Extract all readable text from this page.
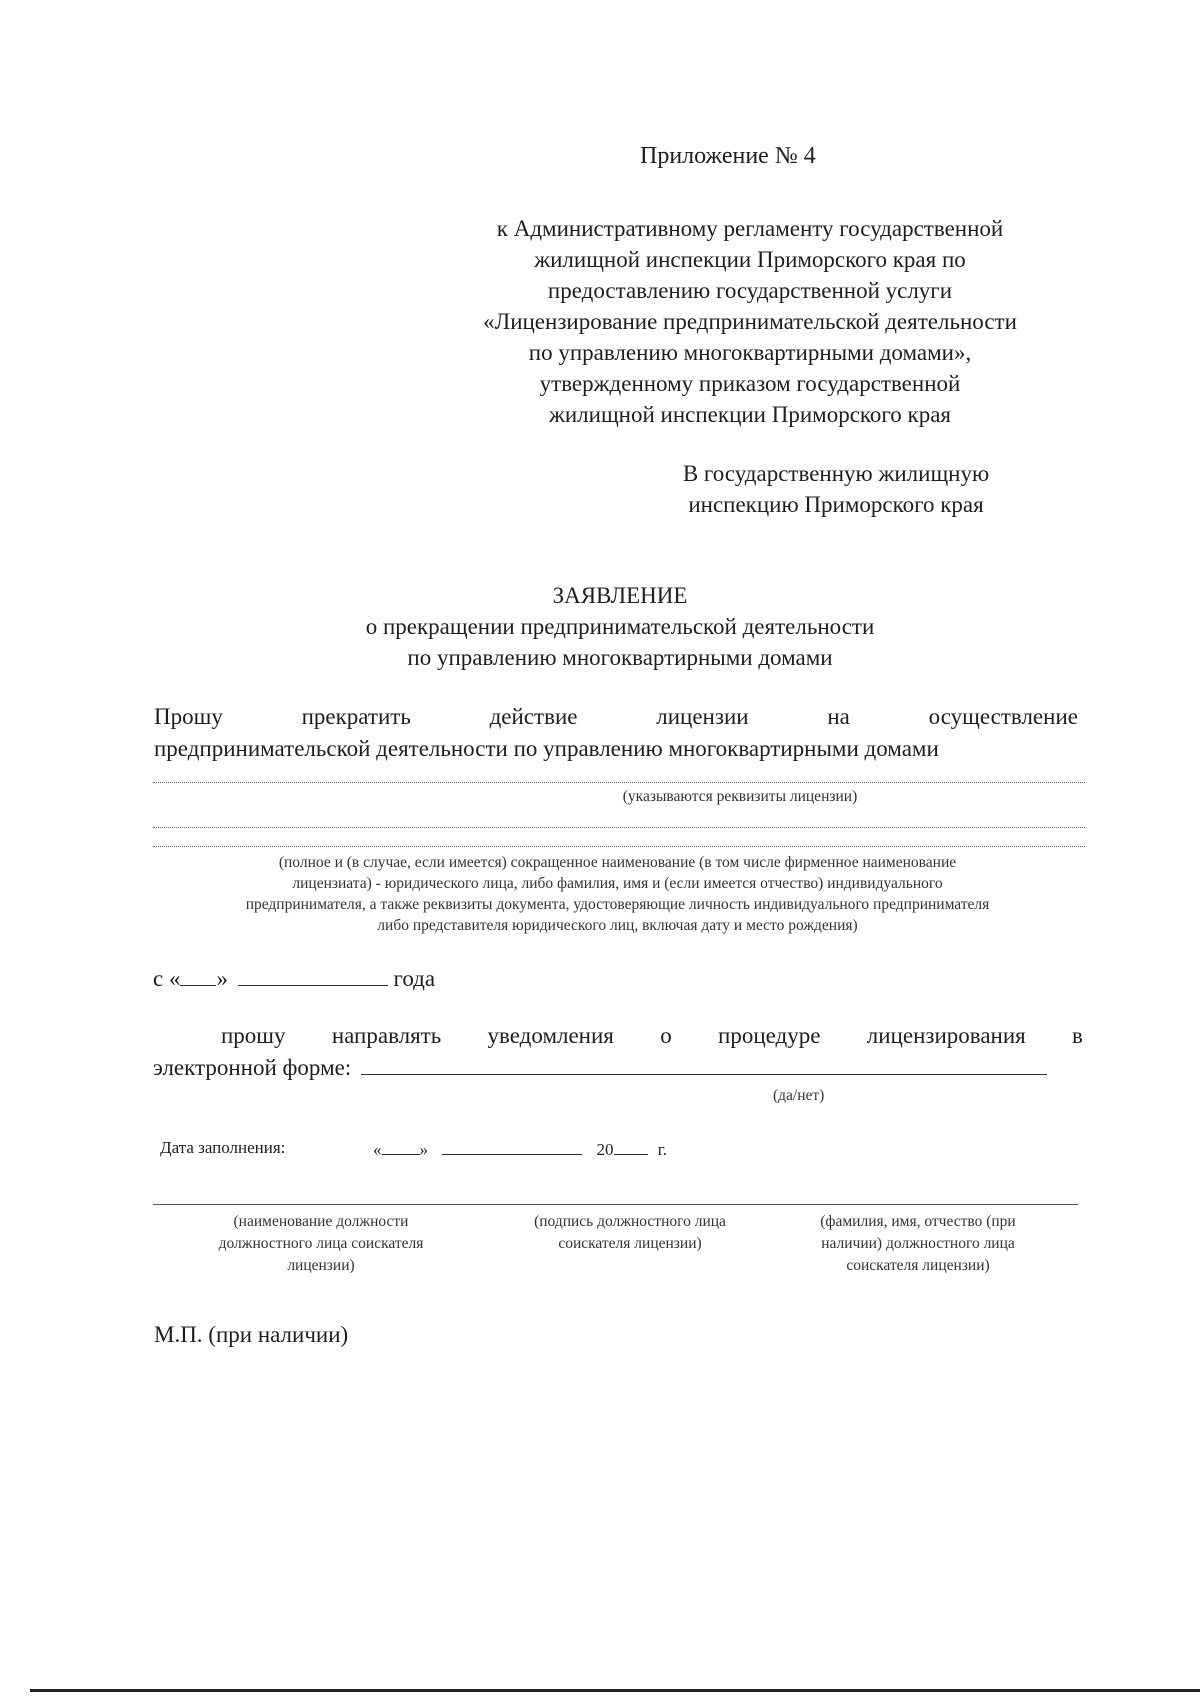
Приложение № 4
к Административному регламенту государственной
жилищной инспекции Приморского края по
предоставлению государственной услуги
«Лицензирование предпринимательской деятельности
по управлению многоквартирными домами»,
утвержденному приказом государственной
жилищной инспекции Приморского края
В государственную жилищную
инспекцию Приморского края
ЗАЯВЛЕНИЕ
о прекращении предпринимательской деятельности
по управлению многоквартирными домами
Прошу	прекратить	действие	лицензии	на	осуществление
предпринимательской деятельности по управлению многоквартирными домами
(указываются реквизиты лицензии)
(полное и (в случае, если имеется) сокращенное наименование (в том числе фирменное наименование
лицензиата) - юридического лица, либо фамилия, имя и (если имеется отчество) индивидуального
предпринимателя, а также реквизиты документа, удостоверяющие личность индивидуального предпринимателя
либо представителя юридического лиц, включая дату и место рождения)
с « »	года
прошу направлять уведомления о процедуре лицензирования в
электронной форме:
(да/нет)
Дата заполнения:	« »	20	г.
(наименование должности должностного лица соискателя лицензии)
(подпись должностного лица соискателя лицензии)
(фамилия, имя, отчество (при наличии) должностного лица соискателя лицензии)
М.П. (при наличии)
